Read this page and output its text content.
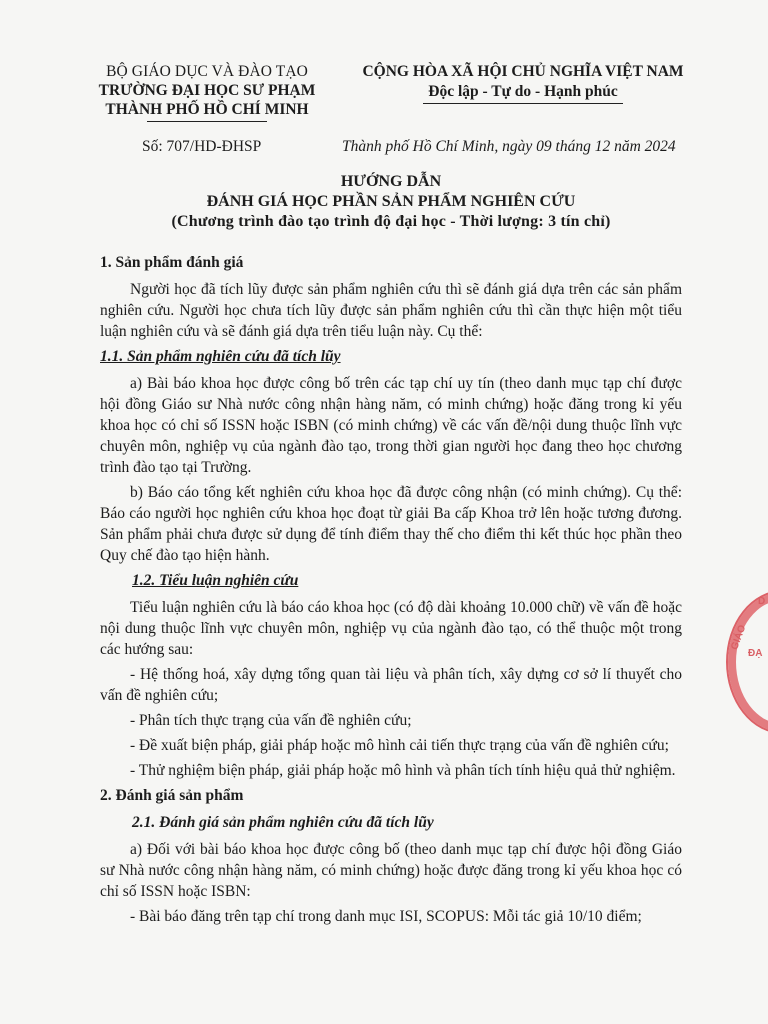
BỘ GIÁO DỤC VÀ ĐÀO TẠO
TRƯỜNG ĐẠI HỌC SƯ PHẠM
THÀNH PHỐ HỒ CHÍ MINH
CỘNG HÒA XÃ HỘI CHỦ NGHĨA VIỆT NAM
Độc lập - Tự do - Hạnh phúc
Số: 707/HD-ĐHSP	Thành phố Hồ Chí Minh, ngày 09 tháng 12 năm 2024
HƯỚNG DẪN
ĐÁNH GIÁ HỌC PHẦN SẢN PHẨM NGHIÊN CỨU
(Chương trình đào tạo trình độ đại học - Thời lượng: 3 tín chỉ)
1. Sản phẩm đánh giá

Người học đã tích lũy được sản phẩm nghiên cứu thì sẽ đánh giá dựa trên các sản phẩm nghiên cứu. Người học chưa tích lũy được sản phẩm nghiên cứu thì cần thực hiện một tiểu luận nghiên cứu và sẽ đánh giá dựa trên tiểu luận này. Cụ thể:

1.1. Sản phẩm nghiên cứu đã tích lũy

a) Bài báo khoa học được công bố trên các tạp chí uy tín (theo danh mục tạp chí được hội đồng Giáo sư Nhà nước công nhận hàng năm, có minh chứng) hoặc đăng trong kỉ yếu khoa học có chỉ số ISSN hoặc ISBN (có minh chứng) về các vấn đề/nội dung thuộc lĩnh vực chuyên môn, nghiệp vụ của ngành đào tạo, trong thời gian người học đang theo học chương trình đào tạo tại Trường.

b) Báo cáo tổng kết nghiên cứu khoa học đã được công nhận (có minh chứng). Cụ thể: Báo cáo người học nghiên cứu khoa học đoạt từ giải Ba cấp Khoa trở lên hoặc tương đương. Sản phẩm phải chưa được sử dụng để tính điểm thay thế cho điểm thi kết thúc học phần theo Quy chế đào tạo hiện hành.

1.2. Tiểu luận nghiên cứu

Tiểu luận nghiên cứu là báo cáo khoa học (có độ dài khoảng 10.000 chữ) về vấn đề hoặc nội dung thuộc lĩnh vực chuyên môn, nghiệp vụ của ngành đào tạo, có thể thuộc một trong các hướng sau:

- Hệ thống hoá, xây dựng tổng quan tài liệu và phân tích, xây dựng cơ sở lí thuyết cho vấn đề nghiên cứu;

- Phân tích thực trạng của vấn đề nghiên cứu;

- Đề xuất biện pháp, giải pháp hoặc mô hình cải tiến thực trạng của vấn đề nghiên cứu;

- Thử nghiệm biện pháp, giải pháp hoặc mô hình và phân tích tính hiệu quả thử nghiệm.

2. Đánh giá sản phẩm
2.1. Đánh giá sản phẩm nghiên cứu đã tích lũy

a) Đối với bài báo khoa học được công bố (theo danh mục tạp chí được hội đồng Giáo sư Nhà nước công nhận hàng năm, có minh chứng) hoặc được đăng trong kỉ yếu khoa học có chỉ số ISSN hoặc ISBN:

- Bài báo đăng trên tạp chí trong danh mục ISI, SCOPUS: Mỗi tác giả 10/10 điểm;

GIÁO
ĐẠ
D
